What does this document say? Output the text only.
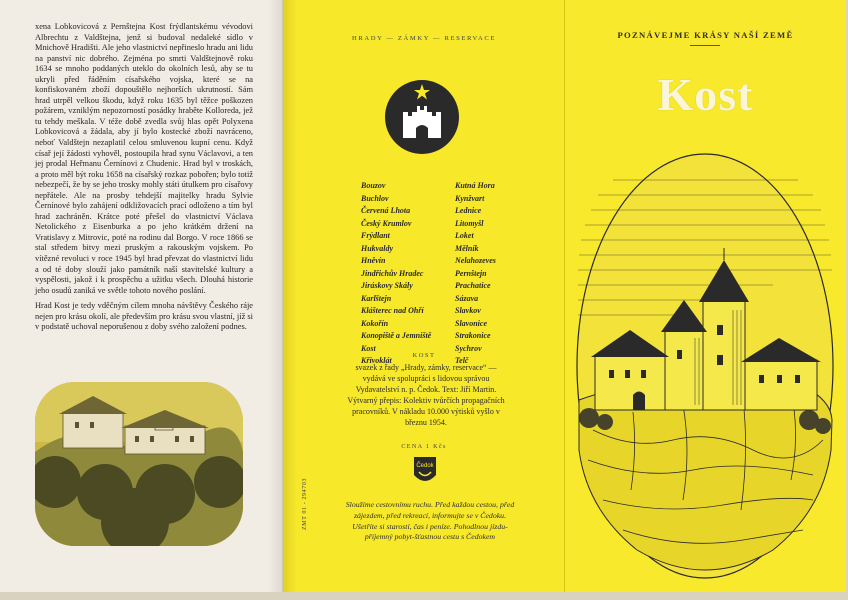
xena Lobkovicová z Pernštejna Kost frýdlantskému vévodovi Albrechtu z Valdštejna, jenž si budoval nedaleké sídlo v Mnichově Hradišti. Ale jeho vlastnictví nepřineslo hradu ani lidu na panství nic dobrého. Zejména po smrti Valdštejnově roku 1634 se mnoho poddaných uteklo do okolních lesů, aby se tu ukryli před řáděním císařského vojska, které se na konfiskovaném zboží dopouštělo nejhorších ukrutností. Sám hrad utrpěl velkou škodu, když roku 1635 byl těžce poškozen požárem, vzniklým nepozorností posádky hraběte Kolloreda, jež tu tehdy meškala. V téže době zvedla svůj hlas opět Polyxena Lobkovicová a žádala, aby jí bylo kostecké zboží navráceno, neboť Valdštejn nezaplatil celou smluvenou kupní cenu. Když císař její žádosti vyhověl, postoupila hrad synu Václavovi, a ten jej prodal Heřmanu Černínovi z Chudenic. Hrad byl v troskách, a proto měl být roku 1658 na císařský rozkaz pobořen; bylo totiž nebezpečí, že by se jeho trosky mohly státi útulkem pro císařovy nepřátele. Ale na prosby tehdejší majitelky hradu Sylvie Černínové bylo zahájení odkližovacích prací odloženo a tím byl hrad zachráněn. Krátce poté přešel do vlastnictví Václava Netolického z Eisenburka a po jeho krátkém držení na Vratislavy z Mitrovic, poté na rodinu dal Borgo. V roce 1866 se stal středem bitvy mezi pruským a rakouským vojskem. Po vítězné revoluci v roce 1945 byl hrad převzat do vlastnictví lidu a od té doby slouží jako památník naší stavitelské kultury a vyspělosti, jakož i k prospěchu a užitku všech. Dlouhá historie jeho osudů zaniká ve světle tohoto nového poslání.

Hrad Kost je tedy vděčným cílem mnoha návštěvy Českého ráje nejen pro krásu okolí, ale především pro krásu svou vlastní, jíž si v podstatě uchoval neporušenou z doby svého založení podnes.

HRADY — ZÁMKY — RESERVACE
Bouzov
Buchlov
Červená Lhota
Český Krumlov
Frýdlant
Hukvaldy
Hněvín
Jindřichův Hradec
Jiráskovy Skály
Karlštejn
Klášterec nad Ohří
Kokořín
Konopiště a Jemniště
Kost
Křivoklát
Kutná Hora
Kynžvart
Lednice
Litomyšl
Loket
Mělník
Nelahozeves
Pernštejn
Prachatice
Sázava
Slavkov
Slavonice
Strakonice
Sychrov
Telč
KOST

svazek z řady „Hrady, zámky, reservace“ — vydává ve spolupráci s lidovou správou Vydavatelství n. p. Čedok. Text: Jiří Martin. Výtvarný přepis: Kolektiv tvůrčích propagačních pracovníků. V nákladu 10.000 výtisků vyšlo v březnu 1954.

CENA 1 Kčs
Čedok

Sloužíme cestovnímu ruchu. Před každou cestou, před zájezdem, před rekreací, informujte se v Čedoku. Ušetříte si starostí, čas i peníze. Pohodlnou jízdu-příjemný pobyt-šťastnou cestu s Čedokem

ZMT 01 - 294703
POZNÁVEJME KRÁSY NAŠÍ ZEMĚ
Kost
